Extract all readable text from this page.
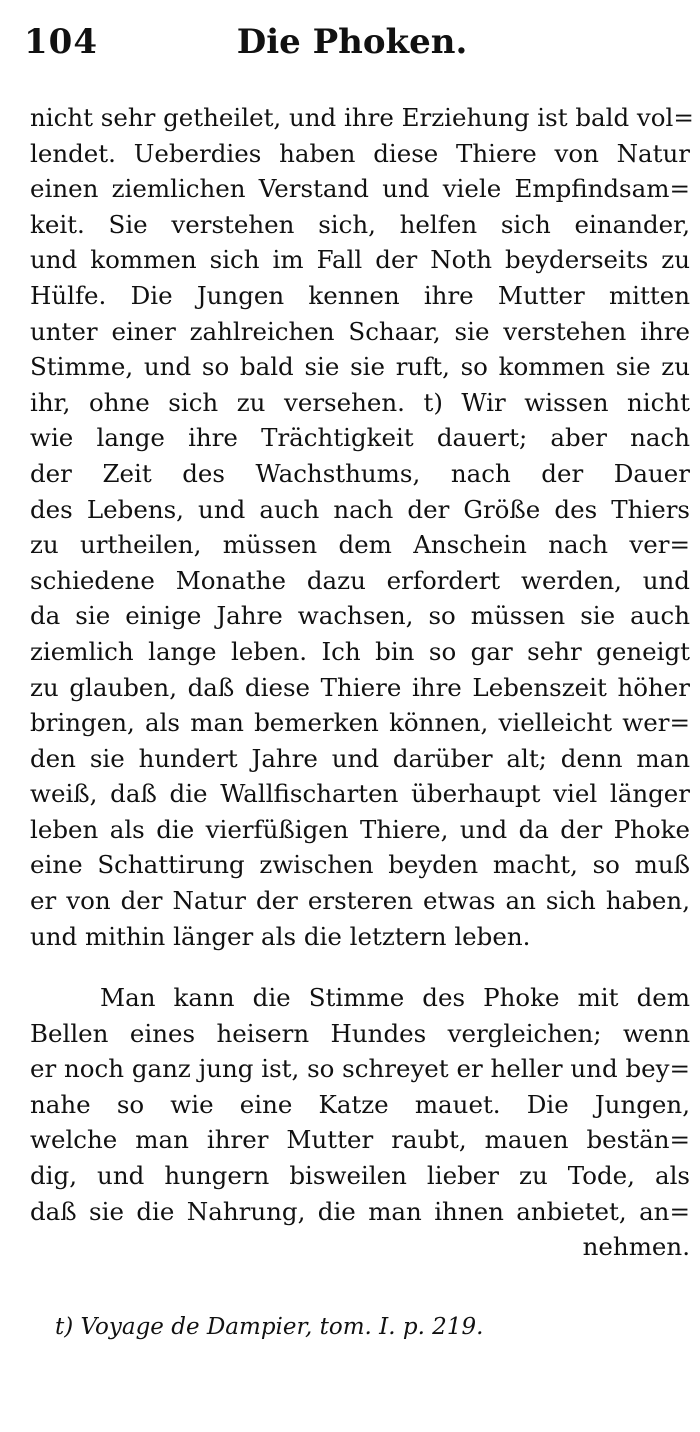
104	Die Phoken.
nicht sehr getheilet, und ihre Erziehung ist bald vol=
lendet. Ueberdies haben diese Thiere von Natur
einen ziemlichen Verstand und viele Empfindsam=
keit. Sie verstehen sich, helfen sich einander,
und kommen sich im Fall der Noth beyderseits zu
Hülfe. Die Jungen kennen ihre Mutter mitten
unter einer zahlreichen Schaar, sie verstehen ihre
Stimme, und so bald sie sie ruft, so kommen sie zu
ihr, ohne sich zu versehen. t) Wir wissen nicht
wie lange ihre Trächtigkeit dauert; aber nach
der Zeit des Wachsthums, nach der Dauer
des Lebens, und auch nach der Größe des Thiers
zu urtheilen, müssen dem Anschein nach ver=
schiedene Monathe dazu erfordert werden, und
da sie einige Jahre wachsen, so müssen sie auch
ziemlich lange leben. Ich bin so gar sehr geneigt
zu glauben, daß diese Thiere ihre Lebenszeit höher
bringen, als man bemerken können, vielleicht wer=
den sie hundert Jahre und darüber alt; denn man
weiß, daß die Wallfischarten überhaupt viel länger
leben als die vierfüßigen Thiere, und da der Phoke
eine Schattirung zwischen beyden macht, so muß
er von der Natur der ersteren etwas an sich haben,
und mithin länger als die letztern leben.
Man kann die Stimme des Phoke mit dem
Bellen eines heisern Hundes vergleichen; wenn
er noch ganz jung ist, so schreyet er heller und bey=
nahe so wie eine Katze mauet. Die Jungen,
welche man ihrer Mutter raubt, mauen bestän=
dig, und hungern bisweilen lieber zu Tode, als
daß sie die Nahrung, die man ihnen anbietet, an=
nehmen.
t) Voyage de Dampier, tom. I. p. 219.
